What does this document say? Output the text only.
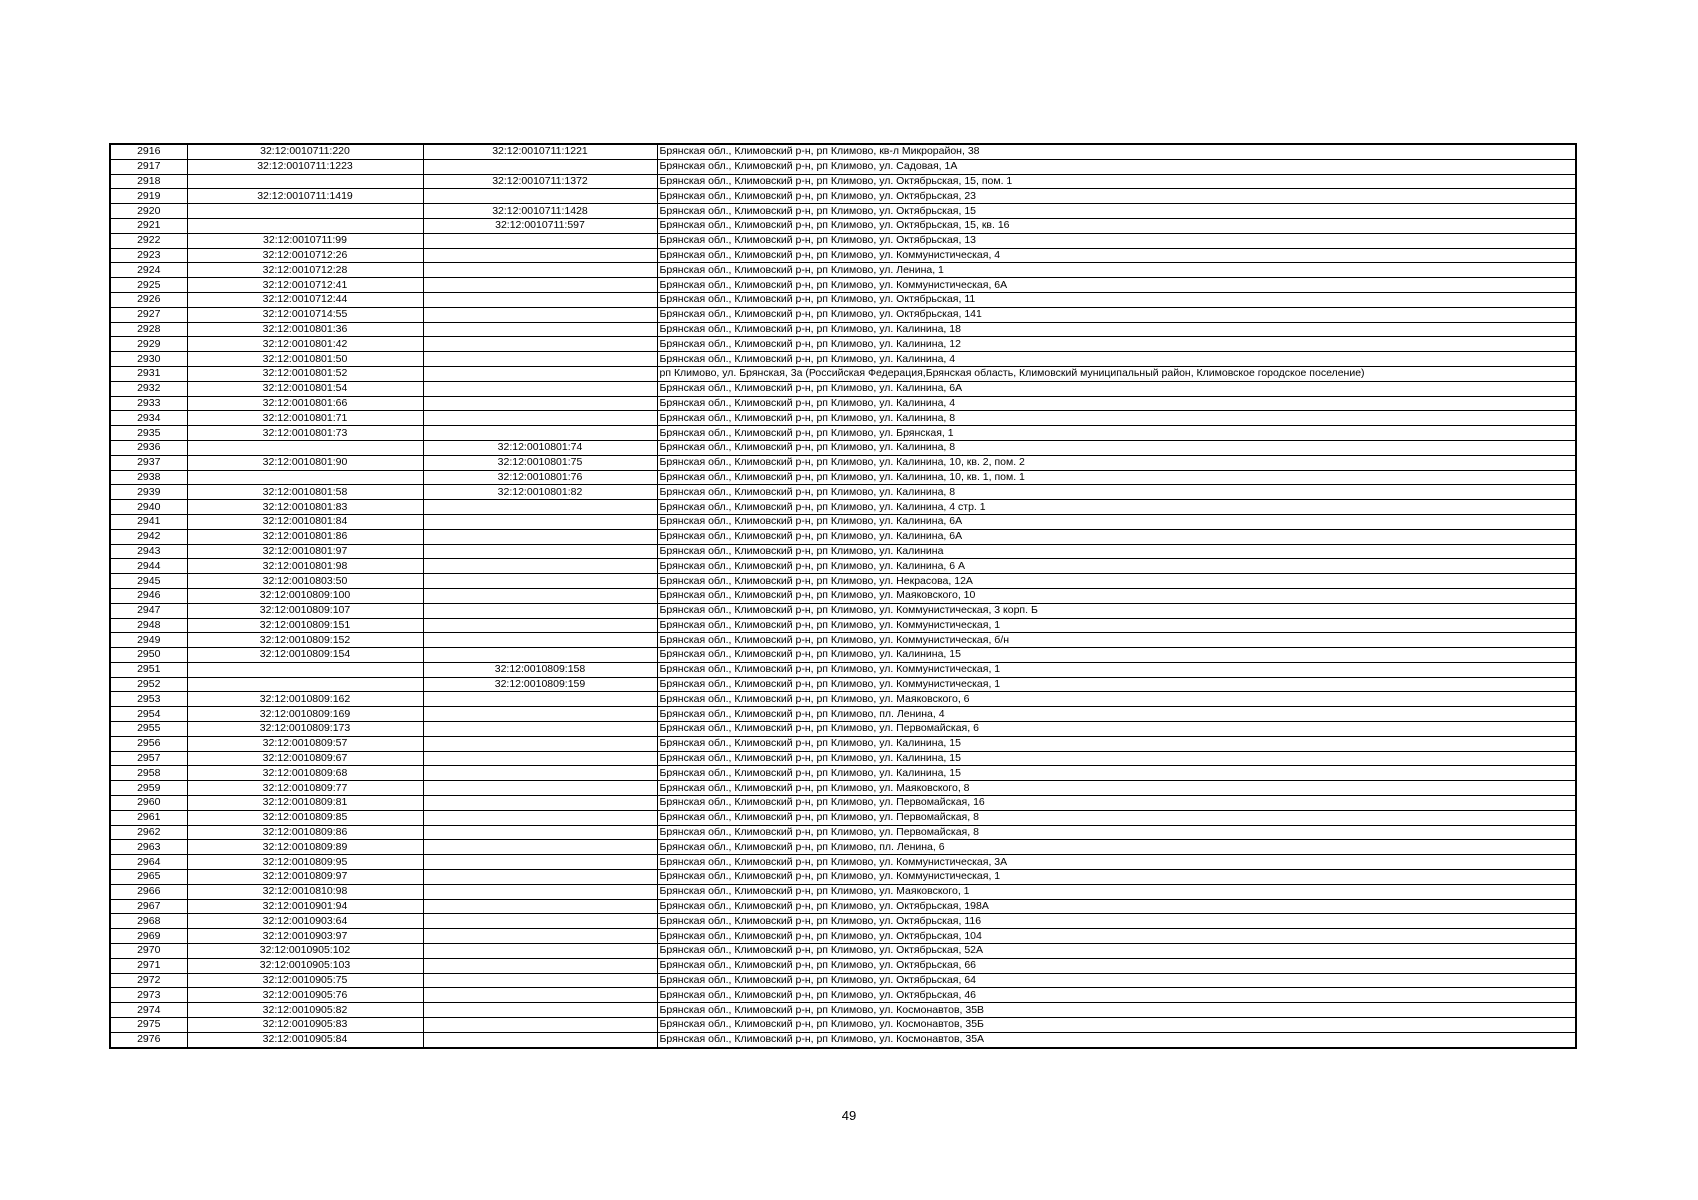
2916	32:12:0010711:220	32:12:0010711:1221	Брянская обл., Климовский р-н, рп Климово, кв-л Микрорайон, 38
2917	32:12:0010711:1223		Брянская обл., Климовский р-н, рп Климово, ул. Садовая, 1А
2918		32:12:0010711:1372	Брянская обл., Климовский р-н, рп Климово, ул. Октябрьская, 15, пом. 1
2919	32:12:0010711:1419		Брянская обл., Климовский р-н, рп Климово, ул. Октябрьская, 23
2920		32:12:0010711:1428	Брянская обл., Климовский р-н, рп Климово, ул. Октябрьская, 15
2921		32:12:0010711:597	Брянская обл., Климовский р-н, рп Климово, ул. Октябрьская, 15, кв. 16
2922	32:12:0010711:99		Брянская обл., Климовский р-н, рп Климово, ул. Октябрьская, 13
2923	32:12:0010712:26		Брянская обл., Климовский р-н, рп Климово, ул. Коммунистическая, 4
2924	32:12:0010712:28		Брянская обл., Климовский р-н, рп Климово, ул. Ленина, 1
2925	32:12:0010712:41		Брянская обл., Климовский р-н, рп Климово, ул. Коммунистическая, 6А
2926	32:12:0010712:44		Брянская обл., Климовский р-н, рп Климово, ул. Октябрьская, 11
2927	32:12:0010714:55		Брянская обл., Климовский р-н, рп Климово, ул. Октябрьская, 141
2928	32:12:0010801:36		Брянская обл., Климовский р-н, рп Климово, ул. Калинина, 18
2929	32:12:0010801:42		Брянская обл., Климовский р-н, рп Климово, ул. Калинина, 12
2930	32:12:0010801:50		Брянская обл., Климовский р-н, рп Климово, ул. Калинина, 4
2931	32:12:0010801:52		рп Климово, ул. Брянская, 3а (Российская Федерация,Брянская область, Климовский муниципальный район, Климовское городское поселение)
2932	32:12:0010801:54		Брянская обл., Климовский р-н, рп Климово, ул. Калинина, 6А
2933	32:12:0010801:66		Брянская обл., Климовский р-н, рп Климово, ул. Калинина, 4
2934	32:12:0010801:71		Брянская обл., Климовский р-н, рп Климово, ул. Калинина, 8
2935	32:12:0010801:73		Брянская обл., Климовский р-н, рп Климово, ул. Брянская, 1
2936		32:12:0010801:74	Брянская обл., Климовский р-н, рп Климово, ул. Калинина, 8
2937	32:12:0010801:90	32:12:0010801:75	Брянская обл., Климовский р-н, рп Климово, ул. Калинина, 10, кв. 2, пом. 2
2938		32:12:0010801:76	Брянская обл., Климовский р-н, рп Климово, ул. Калинина, 10, кв. 1, пом. 1
2939	32:12:0010801:58	32:12:0010801:82	Брянская обл., Климовский р-н, рп Климово, ул. Калинина, 8
2940	32:12:0010801:83		Брянская обл., Климовский р-н, рп Климово, ул. Калинина, 4 стр. 1
2941	32:12:0010801:84		Брянская обл., Климовский р-н, рп Климово, ул. Калинина, 6А
2942	32:12:0010801:86		Брянская обл., Климовский р-н, рп Климово, ул. Калинина, 6А
2943	32:12:0010801:97		Брянская обл., Климовский р-н, рп Климово, ул. Калинина
2944	32:12:0010801:98		Брянская обл., Климовский р-н, рп Климово, ул. Калинина, 6 А
2945	32:12:0010803:50		Брянская обл., Климовский р-н, рп Климово, ул. Некрасова, 12А
2946	32:12:0010809:100		Брянская обл., Климовский р-н, рп Климово, ул. Маяковского, 10
2947	32:12:0010809:107		Брянская обл., Климовский р-н, рп Климово, ул. Коммунистическая, 3 корп. Б
2948	32:12:0010809:151		Брянская обл., Климовский р-н, рп Климово, ул. Коммунистическая, 1
2949	32:12:0010809:152		Брянская обл., Климовский р-н, рп Климово, ул. Коммунистическая, б/н
2950	32:12:0010809:154		Брянская обл., Климовский р-н, рп Климово, ул. Калинина, 15
2951		32:12:0010809:158	Брянская обл., Климовский р-н, рп Климово, ул. Коммунистическая, 1
2952		32:12:0010809:159	Брянская обл., Климовский р-н, рп Климово, ул. Коммунистическая, 1
2953	32:12:0010809:162		Брянская обл., Климовский р-н, рп Климово, ул. Маяковского, 6
2954	32:12:0010809:169		Брянская обл., Климовский р-н, рп Климово, пл. Ленина, 4
2955	32:12:0010809:173		Брянская обл., Климовский р-н, рп Климово, ул. Первомайская, 6
2956	32:12:0010809:57		Брянская обл., Климовский р-н, рп Климово, ул. Калинина, 15
2957	32:12:0010809:67		Брянская обл., Климовский р-н, рп Климово, ул. Калинина, 15
2958	32:12:0010809:68		Брянская обл., Климовский р-н, рп Климово, ул. Калинина, 15
2959	32:12:0010809:77		Брянская обл., Климовский р-н, рп Климово, ул. Маяковского, 8
2960	32:12:0010809:81		Брянская обл., Климовский р-н, рп Климово, ул. Первомайская, 16
2961	32:12:0010809:85		Брянская обл., Климовский р-н, рп Климово, ул. Первомайская, 8
2962	32:12:0010809:86		Брянская обл., Климовский р-н, рп Климово, ул. Первомайская, 8
2963	32:12:0010809:89		Брянская обл., Климовский р-н, рп Климово, пл. Ленина, 6
2964	32:12:0010809:95		Брянская обл., Климовский р-н, рп Климово, ул. Коммунистическая, 3А
2965	32:12:0010809:97		Брянская обл., Климовский р-н, рп Климово, ул. Коммунистическая, 1
2966	32:12:0010810:98		Брянская обл., Климовский р-н, рп Климово, ул. Маяковского, 1
2967	32:12:0010901:94		Брянская обл., Климовский р-н, рп Климово, ул. Октябрьская, 198А
2968	32:12:0010903:64		Брянская обл., Климовский р-н, рп Климово, ул. Октябрьская, 116
2969	32:12:0010903:97		Брянская обл., Климовский р-н, рп Климово, ул. Октябрьская, 104
2970	32:12:0010905:102		Брянская обл., Климовский р-н, рп Климово, ул. Октябрьская, 52А
2971	32:12:0010905:103		Брянская обл., Климовский р-н, рп Климово, ул. Октябрьская, 66
2972	32:12:0010905:75		Брянская обл., Климовский р-н, рп Климово, ул. Октябрьская, 64
2973	32:12:0010905:76		Брянская обл., Климовский р-н, рп Климово, ул. Октябрьская, 46
2974	32:12:0010905:82		Брянская обл., Климовский р-н, рп Климово, ул. Космонавтов, 35В
2975	32:12:0010905:83		Брянская обл., Климовский р-н, рп Климово, ул. Космонавтов, 35Б
2976	32:12:0010905:84		Брянская обл., Климовский р-н, рп Климово, ул. Космонавтов, 35А
49
